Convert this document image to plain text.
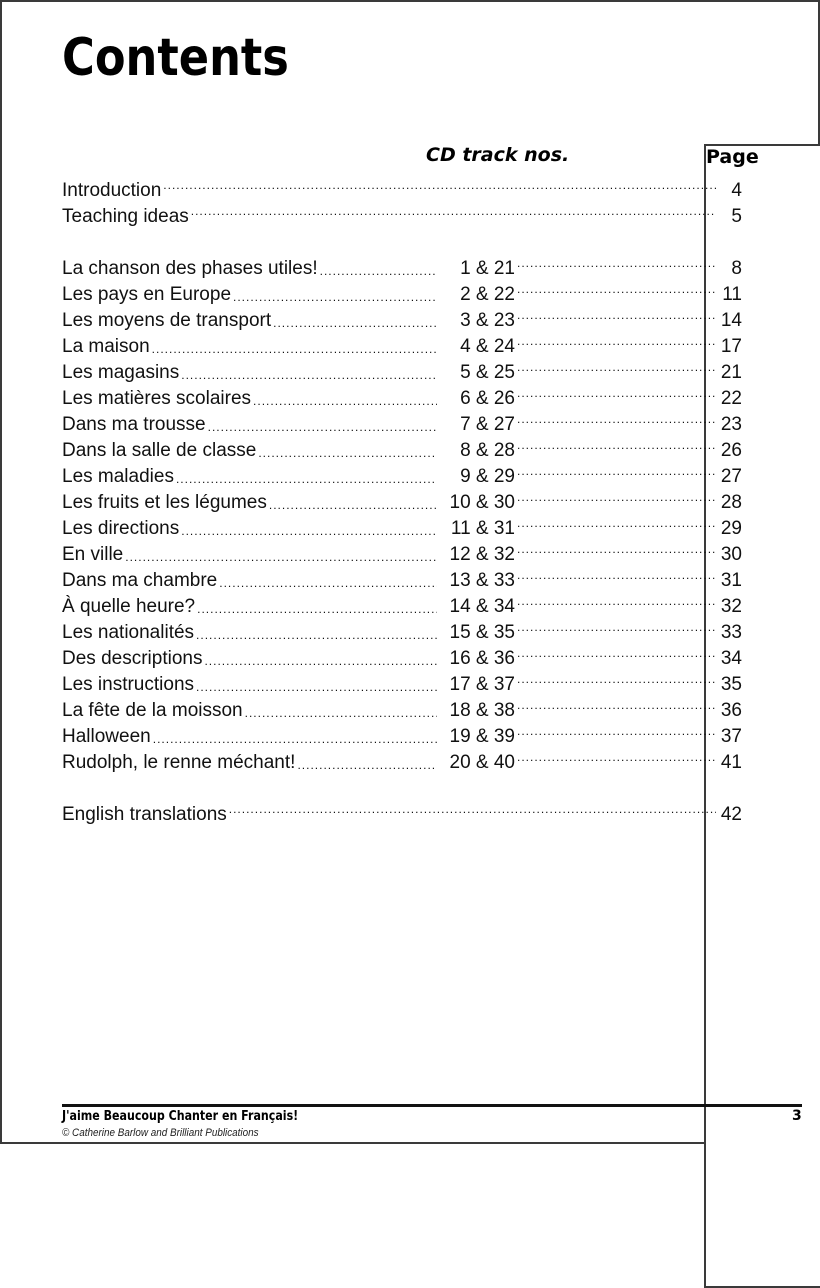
Contents
CD track nos.	Page
Introduction .....	4
Teaching ideas .....	5
La chanson des phases utiles! .....	1 & 21 .....	8
Les pays en Europe .....	2 & 22 .....	11
Les moyens de transport .....	3 & 23 .....	14
La maison .....	4 & 24 .....	17
Les magasins .....	5 & 25 .....	21
Les matières scolaires .....	6 & 26 .....	22
Dans ma trousse .....	7 & 27 .....	23
Dans la salle de classe .....	8 & 28 .....	26
Les maladies .....	9 & 29 .....	27
Les fruits et les légumes .....	10 & 30 .....	28
Les directions .....	11 & 31 .....	29
En ville .....	12 & 32 .....	30
Dans ma chambre .....	13 & 33 .....	31
À quelle heure? .....	14 & 34 .....	32
Les nationalités .....	15 & 35 .....	33
Des descriptions .....	16 & 36 .....	34
Les instructions .....	17 & 37 .....	35
La fête de la moisson .....	18 & 38 .....	36
Halloween .....	19 & 39 .....	37
Rudolph, le renne méchant! .....	20 & 40 .....	41
English translations .....	42
J'aime Beaucoup Chanter en Français!
© Catherine Barlow and Brilliant Publications
3
